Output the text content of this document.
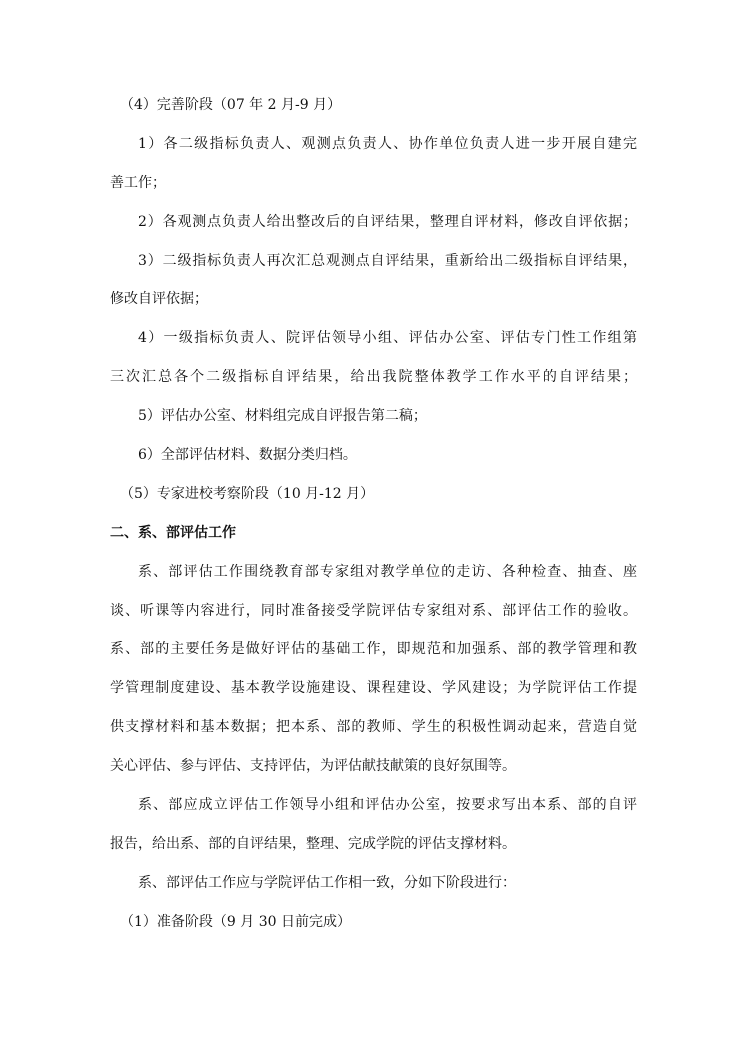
（4）完善阶段（07 年 2 月-9 月）
1）各二级指标负责人、观测点负责人、协作单位负责人进一步开展自建完
善工作；
2）各观测点负责人给出整改后的自评结果，整理自评材料，修改自评依据；
3）二级指标负责人再次汇总观测点自评结果，重新给出二级指标自评结果，
修改自评依据；
4）一级指标负责人、院评估领导小组、评估办公室、评估专门性工作组第
三次汇总各个二级指标自评结果，给出我院整体教学工作水平的自评结果；
5）评估办公室、材料组完成自评报告第二稿；
6）全部评估材料、数据分类归档。
（5）专家进校考察阶段（10 月-12 月）
二、系、部评估工作
系、部评估工作围绕教育部专家组对教学单位的走访、各种检查、抽查、座
谈、听课等内容进行，同时准备接受学院评估专家组对系、部评估工作的验收。
系、部的主要任务是做好评估的基础工作，即规范和加强系、部的教学管理和教
学管理制度建设、基本教学设施建设、课程建设、学风建设；为学院评估工作提
供支撑材料和基本数据；把本系、部的教师、学生的积极性调动起来，营造自觉
关心评估、参与评估、支持评估，为评估献技献策的良好氛围等。
系、部应成立评估工作领导小组和评估办公室，按要求写出本系、部的自评
报告，给出系、部的自评结果，整理、完成学院的评估支撑材料。
系、部评估工作应与学院评估工作相一致，分如下阶段进行：
（1）准备阶段（9 月 30 日前完成）
